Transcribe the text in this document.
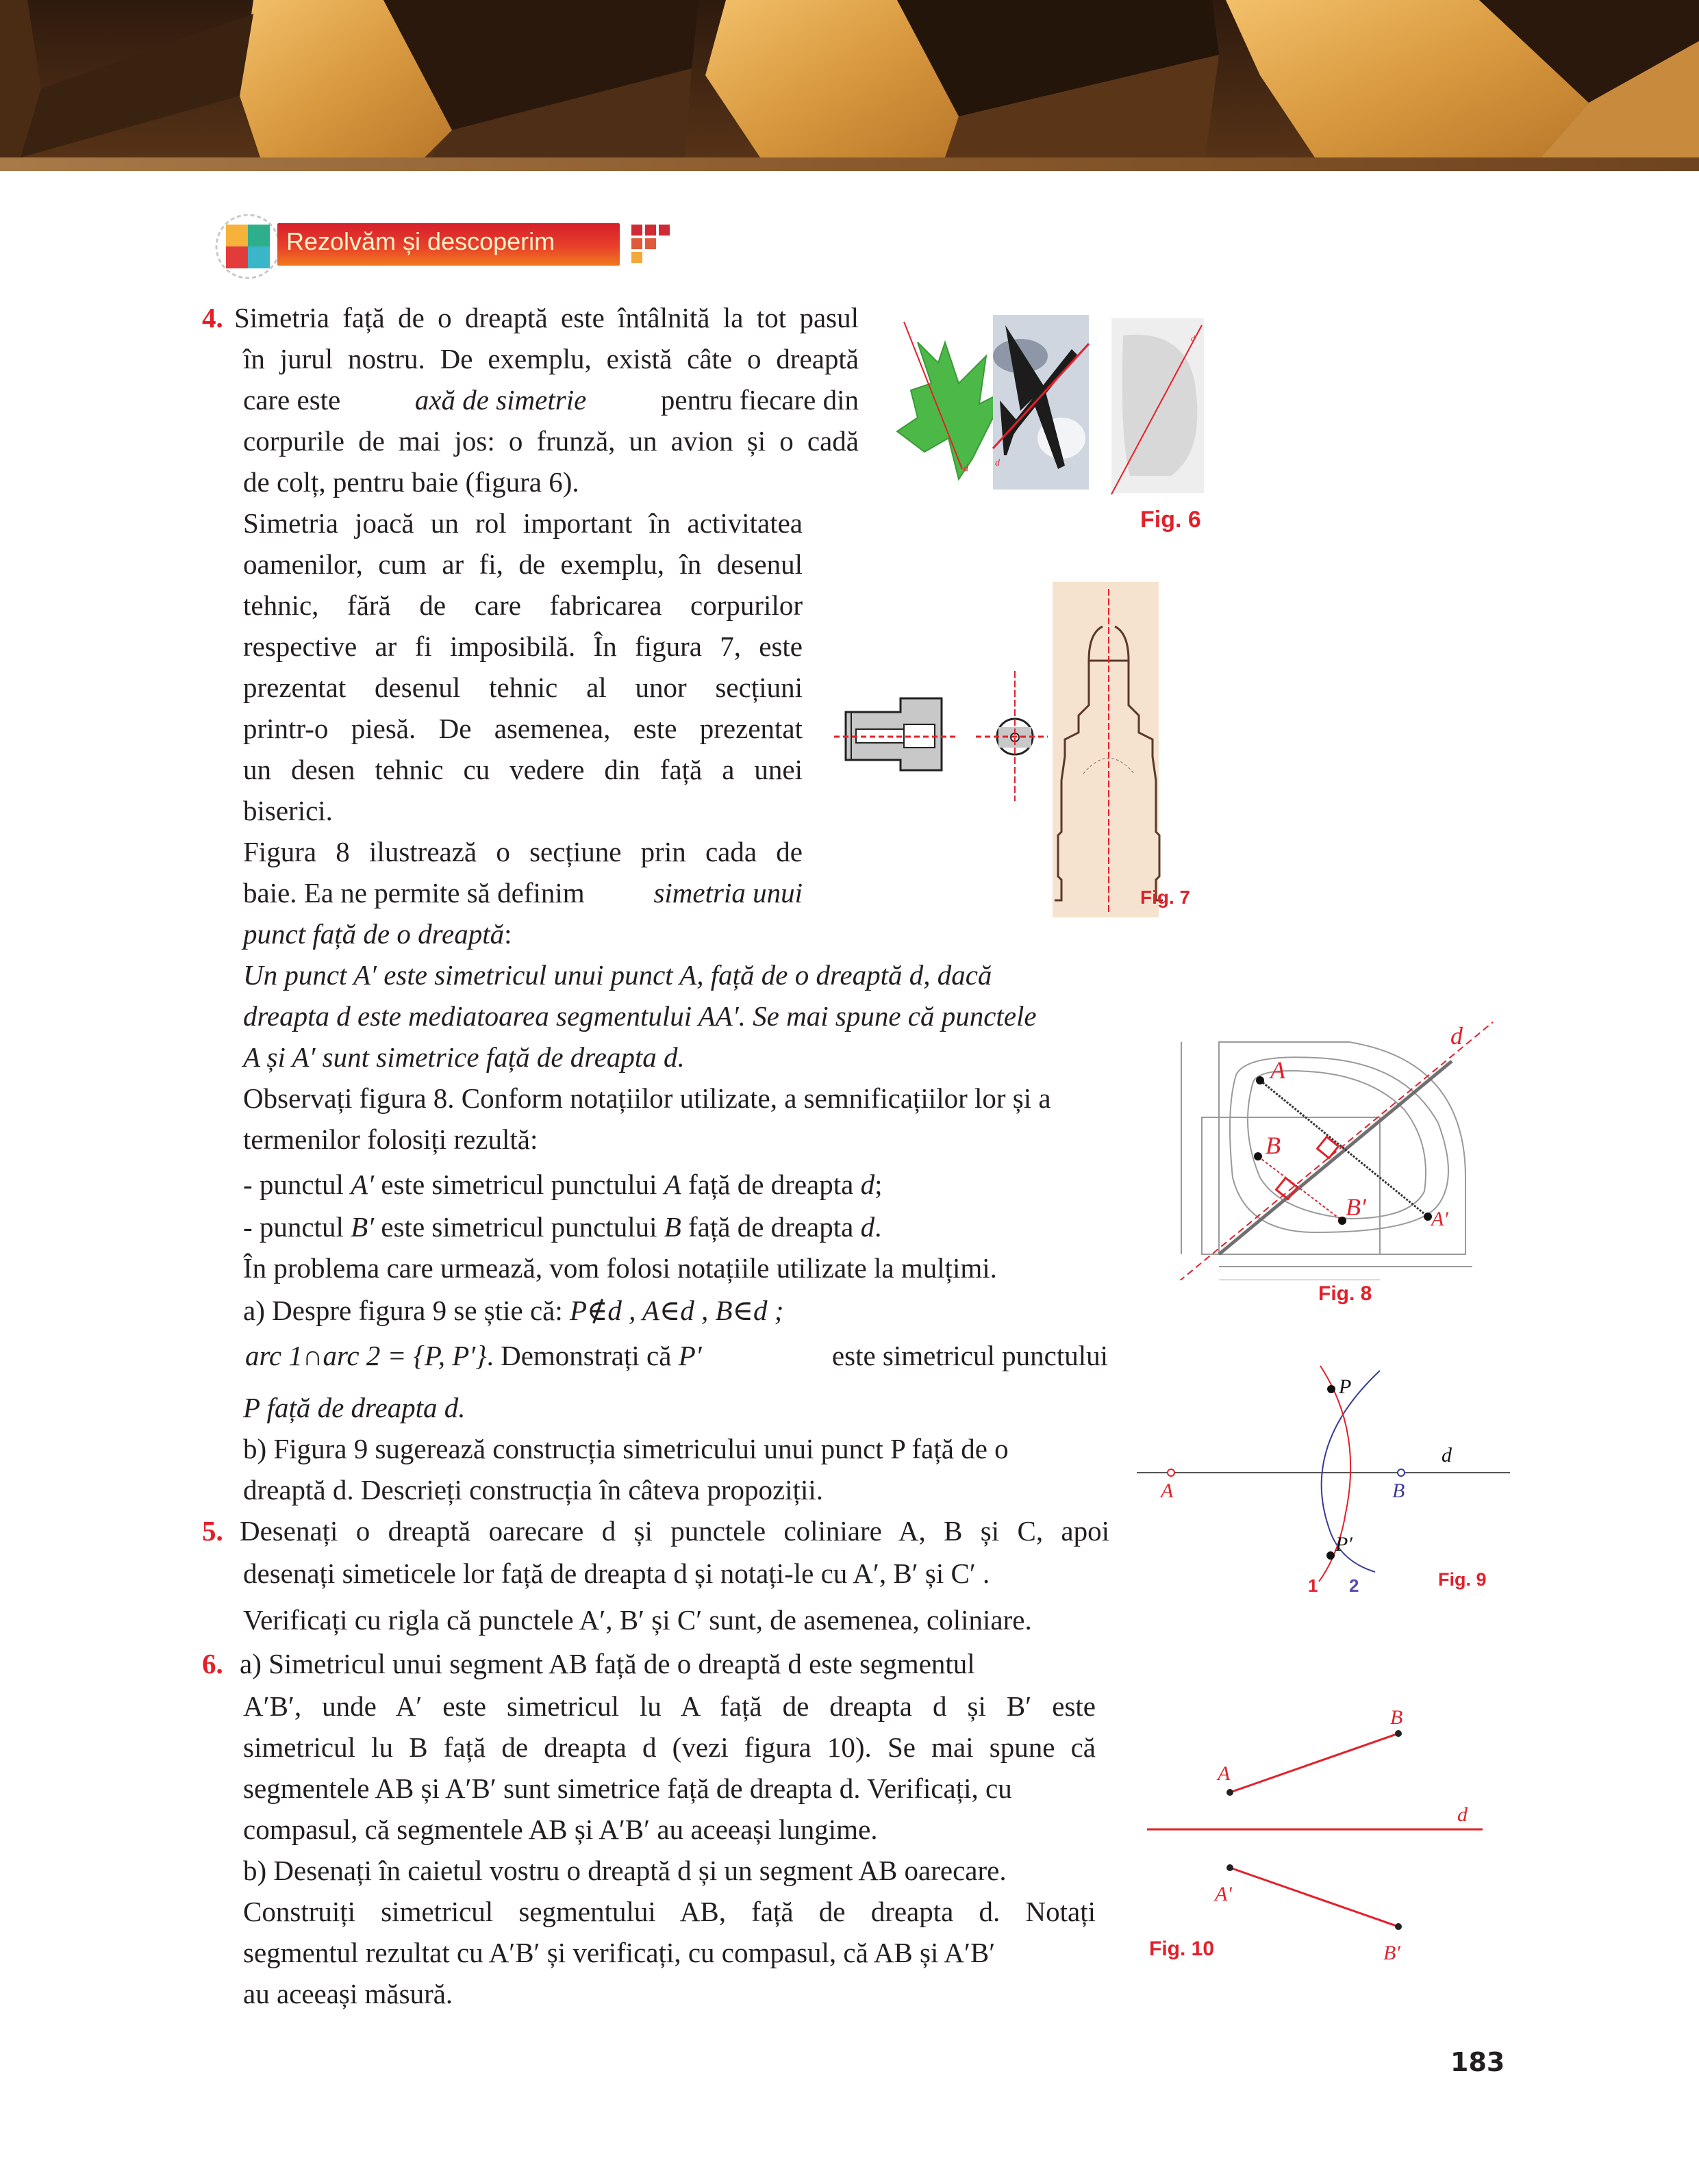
Rezolvăm și descoperim
4. Simetria față de o dreaptă este întâlnită la tot pasul
în jurul nostru. De exemplu, există câte o dreaptă
care este	axă de simetrie	pentru fiecare din
corpurile de mai jos: o frunză, un avion și o cadă
de colț, pentru baie (figura 6).
Simetria joacă un rol important în activitatea
oamenilor, cum ar fi, de exemplu, în desenul
tehnic, fără de care fabricarea corpurilor
respective ar fi imposibilă. În figura 7, este
prezentat desenul tehnic al unor secțiuni
printr-o piesă. De asemenea, este prezentat
un desen tehnic cu vedere din față a unei
biserici.
Figura 8 ilustrează o secțiune prin cada de
baie. Ea ne permite să definim simetria unui
punct față de o dreaptă:
Un punct A′ este simetricul unui punct A, față de o dreaptă d, dacă
dreapta d este mediatoarea segmentului AA′. Se mai spune că punctele
A și A′ sunt simetrice față de dreapta d.
Observați figura 8. Conform notațiilor utilizate, a semnificațiilor lor și a
termenilor folosiți rezultă:
- punctul A′ este simetricul punctului A față de dreapta d;
- punctul B′ este simetricul punctului B față de dreapta d.
În problema care urmează, vom folosi notațiile utilizate la mulțimi.
a) Despre figura 9 se știe că: P∉d , A∈d , B∈d ;
arc 1∩arc 2 = {P, P′}. Demonstrați că P′	este simetricul punctului
P față de dreapta d.
b) Figura 9 sugerează construcția simetricului unui punct P față de o
dreaptă d. Descrieți construcția în câteva propoziții.
5. Desenați o dreaptă oarecare d și punctele coliniare A, B și C, apoi
desenați simeticele lor față de dreapta d și notați-le cu A′, B′ și C′ .
Verificați cu rigla că punctele A′, B′ și C′ sunt, de asemenea, coliniare.
6. a) Simetricul unui segment AB față de o dreaptă d este segmentul
A′B′, unde A′ este simetricul lu A față de dreapta d și B′ este
simetricul lu B față de dreapta d (vezi figura 10). Se mai spune că
segmentele AB și A′B′ sunt simetrice față de dreapta d. Verificați, cu
compasul, că segmentele AB și A′B′ au aceeași lungime.
b) Desenați în caietul vostru o dreaptă d și un segment AB oarecare.
Construiți simetricul segmentului AB, față de dreapta d. Notați
segmentul rezultat cu A′B′ și verificați, cu compasul, că AB și A′B′
au aceeași măsură.
d
d
d
Fig. 6
Fig. 7
A
B
B′	A′
d
Fig. 8
A	B
P
P′
d
1 2	Fig. 9
A
B
A′
B′
d
Fig. 10
183
